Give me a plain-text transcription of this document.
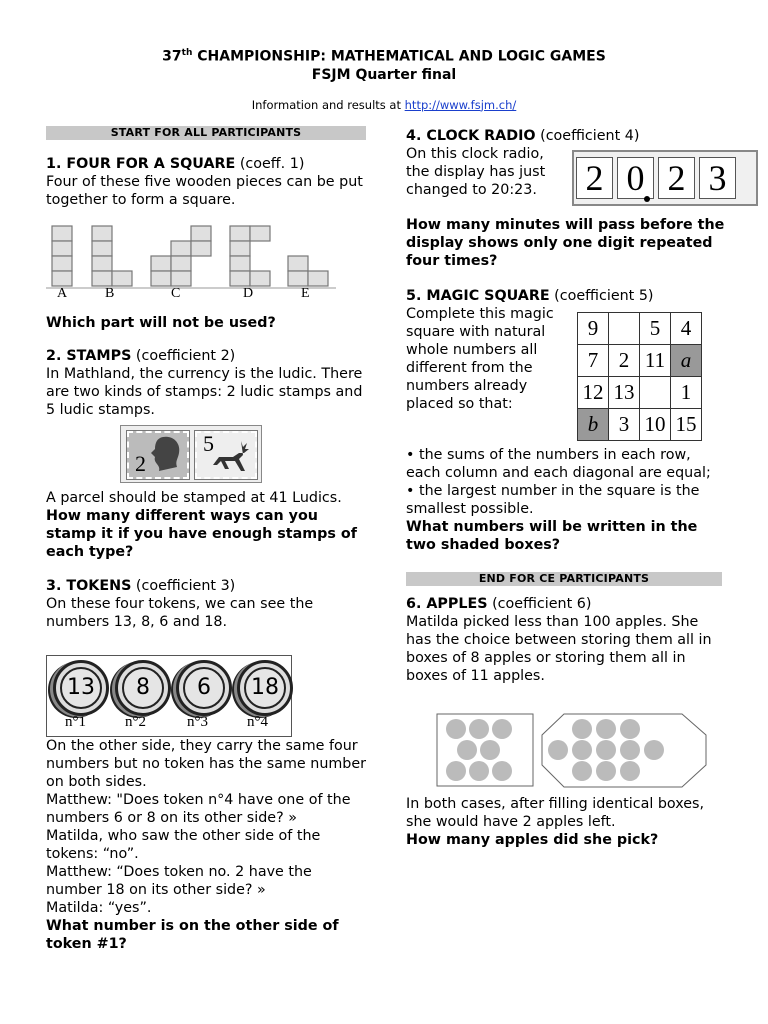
37th CHAMPIONSHIP: MATHEMATICAL AND LOGIC GAMES
FSJM Quarter final
Information and results at http://www.fsjm.ch/
START FOR ALL PARTICIPANTS
1. FOUR FOR A SQUARE (coeff. 1)

Four of these five wooden pieces can be put together to form a square.

A	B	C	D	E

Which part will not be used?

2. STAMPS (coefficient 2)

In Mathland, the currency is the ludic. There are two kinds of stamps: 2 ludic stamps and 5 ludic stamps.

2
5

A parcel should be stamped at 41 Ludics.

How many different ways can you stamp it if you have enough stamps of each type?

3. TOKENS (coefficient 3)

On these four tokens, we can see the numbers 13, 8, 6 and 18.

13	8	6	18
n°1	n°2	n°3	n°4

On the other side, they carry the same four numbers but no token has the same number on both sides.

Matthew: "Does token n°4 have one of the numbers 6 or 8 on its other side? »

Matilda, who saw the other side of the tokens: “no”.

Matthew: “Does token no. 2 have the number 18 on its other side? »

Matilda: “yes”.

What number is on the other side of token #1?

4. CLOCK RADIO (coefficient 4)

On this clock radio, the display has just changed to 20:23.

How many minutes will pass before the display shows only one digit repeated four times?

5. MAGIC SQUARE (coefficient 5)

Complete this magic square with natural whole numbers all different from the numbers already placed so that:

2 0 2 3
9		5	4
7	2	11	a
12	13		1
b	3	10	15

• the sums of the numbers in each row, each column and each diagonal are equal;

• the largest number in the square is the smallest possible.

What numbers will be written in the two shaded boxes?

END FOR CE PARTICIPANTS
6. APPLES (coefficient 6)

Matilda picked less than 100 apples. She has the choice between storing them all in boxes of 8 apples or storing them all in boxes of 11 apples.

In both cases, after filling identical boxes, she would have 2 apples left.

How many apples did she pick?
